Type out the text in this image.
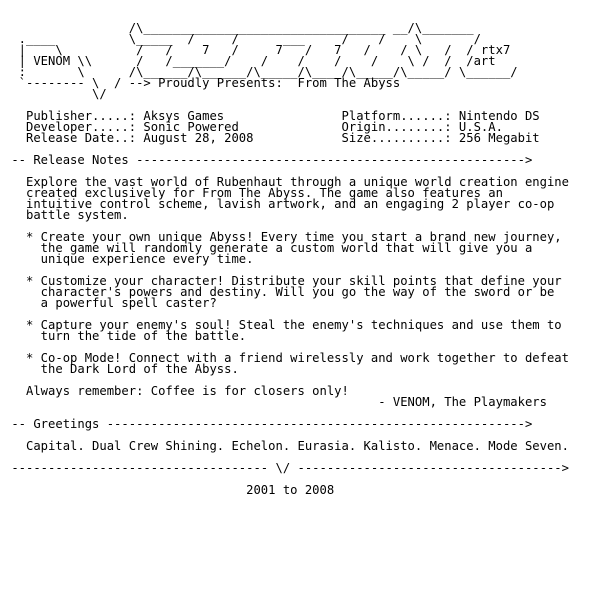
/\_________________________________ __/\_______
.____          \_____  /     /      ___     /    /    \       /
|    \          /   /    7   /     7   /   7   /    / \   /  / rtx7
| VENOM \\      /   /_______/    /    /    /    /    \ /  /  /art
:       \      /\______/\______/\_____/\____/\_____/\_____/ \______/
`-------- \  / --> Proudly Presents:  From The Abyss
\/

Publisher.....: Aksys Games                Platform......: Nintendo DS
Developer.....: Sonic Powered              Origin........: U.S.A.
Release Date..: August 28, 2008            Size..........: 256 Megabit

-- Release Notes ----------------------------------------------------->

Explore the vast world of Rubenhaut through a unique world creation engine
created exclusively for From The Abyss. The game also features an
intuitive control scheme, lavish artwork, and an engaging 2 player co-op
battle system.

* Create your own unique Abyss! Every time you start a brand new journey,
the game will randomly generate a custom world that will give you a
unique experience every time.

* Customize your character! Distribute your skill points that define your
character's powers and destiny. Will you go the way of the sword or be
a powerful spell caster?

* Capture your enemy's soul! Steal the enemy's techniques and use them to
turn the tide of the battle.

* Co-op Mode! Connect with a friend wirelessly and work together to defeat
the Dark Lord of the Abyss.

Always remember: Coffee is for closers only!
- VENOM, The Playmakers

-- Greetings --------------------------------------------------------->

Capital. Dual Crew Shining. Echelon. Eurasia. Kalisto. Menace. Mode Seven.

----------------------------------- \/ ------------------------------------>

2001 to 2008
